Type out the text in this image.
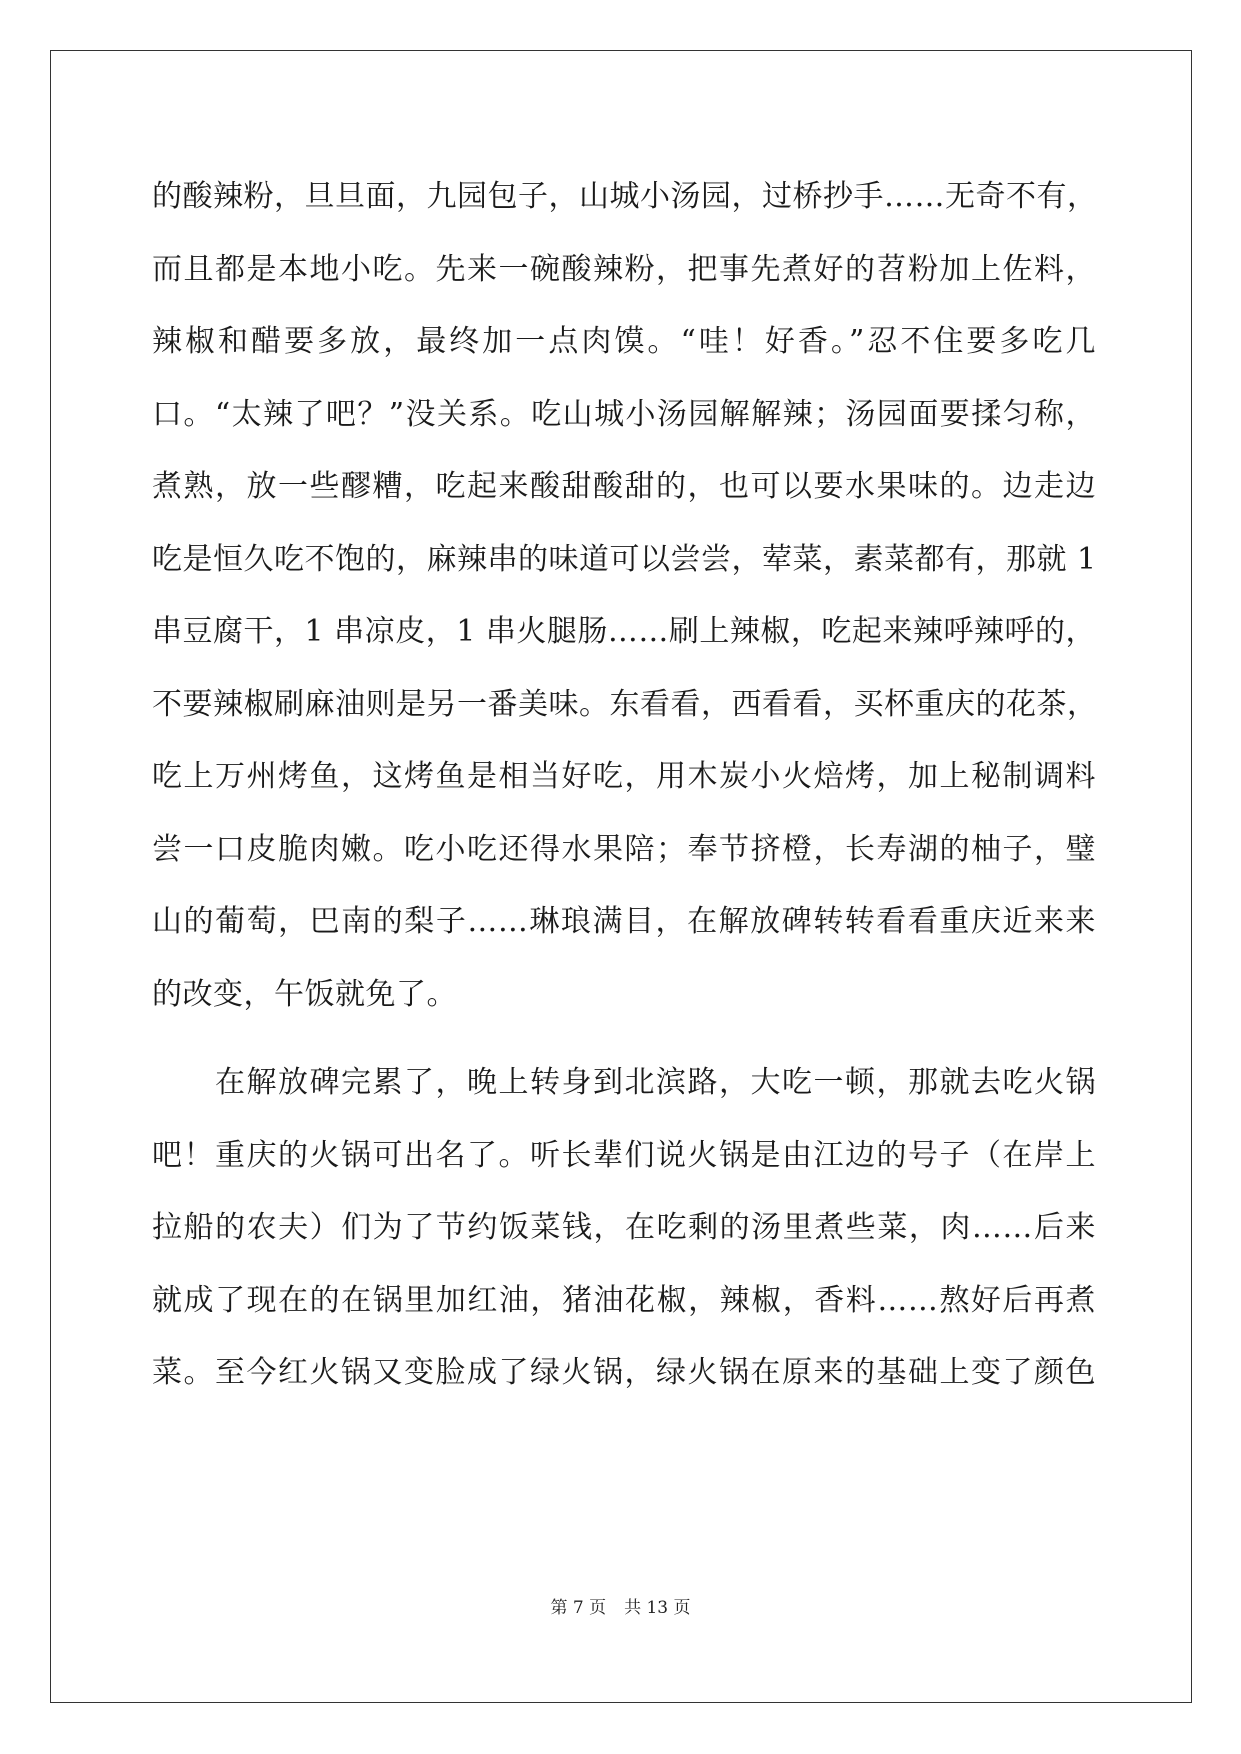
的酸辣粉，旦旦面，九园包子，山城小汤园，过桥抄手……无奇不有，
而且都是本地小吃。先来一碗酸辣粉，把事先煮好的苕粉加上佐料，
辣椒和醋要多放，最终加一点肉馍。“哇！好香。”忍不住要多吃几
口。“太辣了吧？”没关系。吃山城小汤园解解辣；汤园面要揉匀称，
煮熟，放一些醪糟，吃起来酸甜酸甜的，也可以要水果味的。边走边
吃是恒久吃不饱的，麻辣串的味道可以尝尝，荤菜，素菜都有，那就 1
串豆腐干，1 串凉皮，1 串火腿肠……刷上辣椒，吃起来辣呼辣呼的，
不要辣椒刷麻油则是另一番美味。东看看，西看看，买杯重庆的花茶，
吃上万州烤鱼，这烤鱼是相当好吃，用木炭小火焙烤，加上秘制调料
尝一口皮脆肉嫩。吃小吃还得水果陪；奉节挤橙，长寿湖的柚子，璧
山的葡萄，巴南的梨子……琳琅满目，在解放碑转转看看重庆近来来
的改变，午饭就免了。
在解放碑完累了，晚上转身到北滨路，大吃一顿，那就去吃火锅
吧！重庆的火锅可出名了。听长辈们说火锅是由江边的号子（在岸上
拉船的农夫）们为了节约饭菜钱，在吃剩的汤里煮些菜，肉……后来
就成了现在的在锅里加红油，猪油花椒，辣椒，香料……熬好后再煮
菜。至今红火锅又变脸成了绿火锅，绿火锅在原来的基础上变了颜色
第 7 页 共 13 页
